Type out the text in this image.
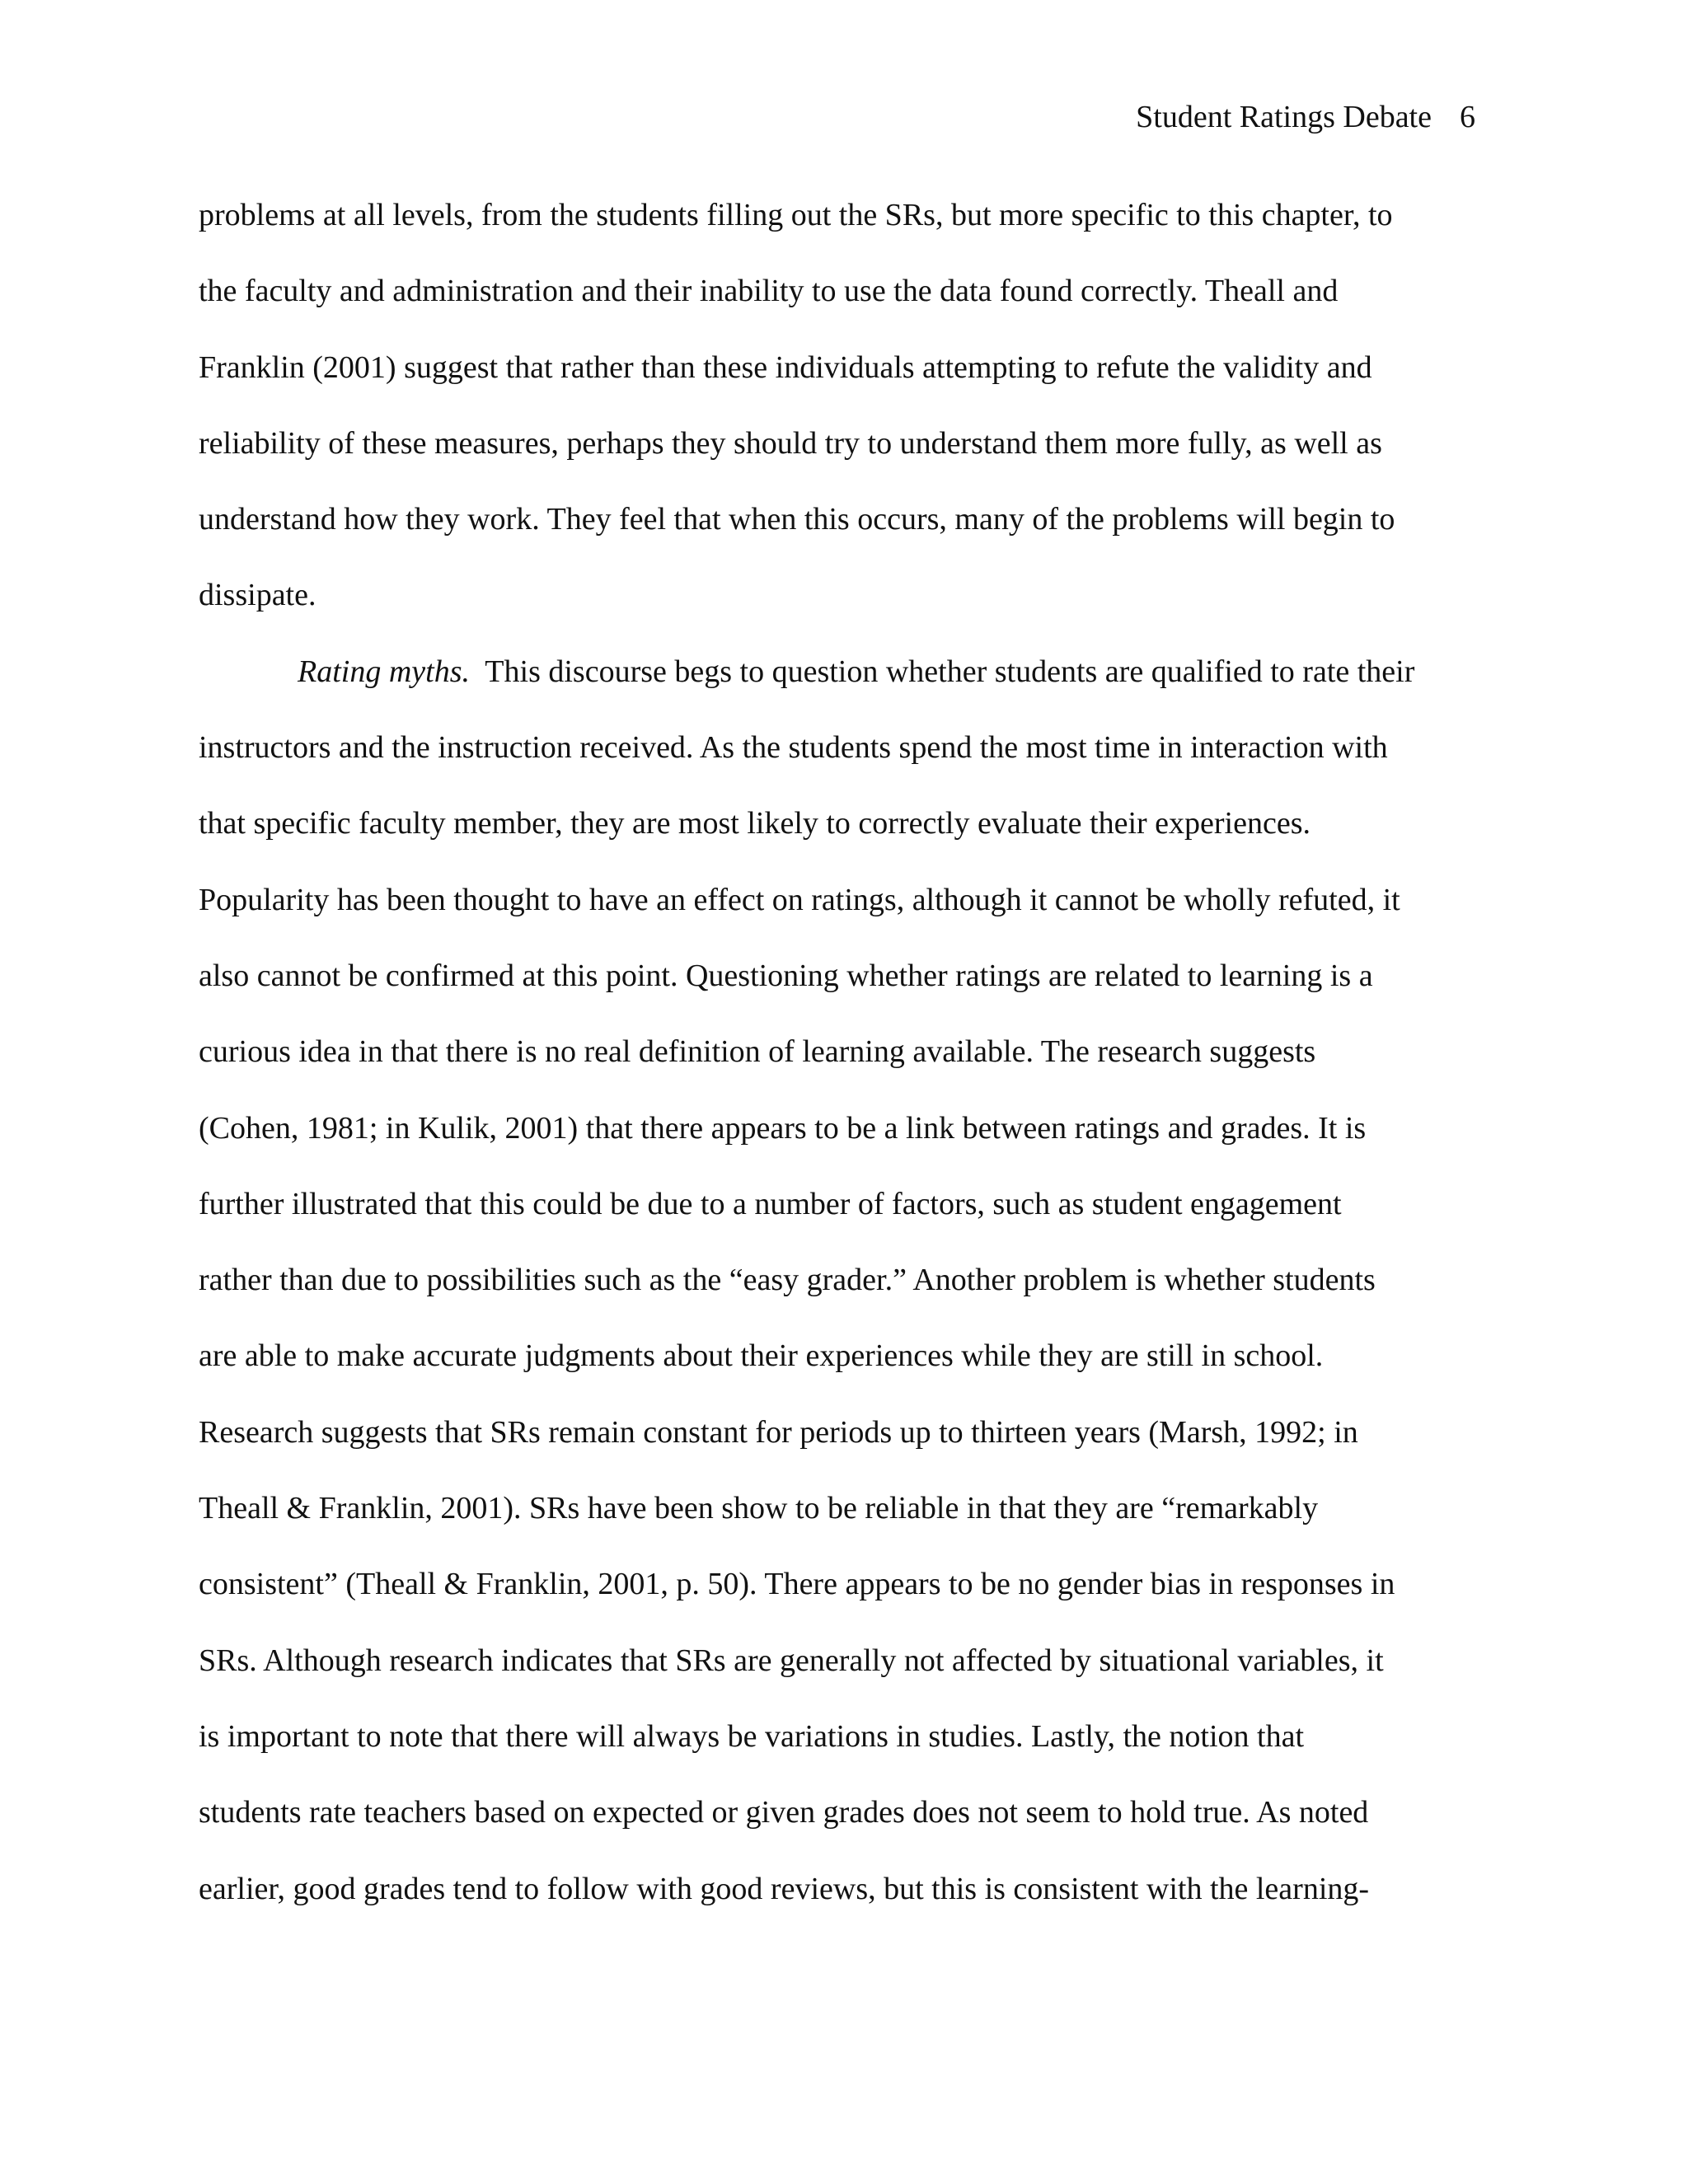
Student Ratings Debate 6
problems at all levels, from the students filling out the SRs, but more specific to this chapter, to
the faculty and administration and their inability to use the data found correctly. Theall and
Franklin (2001) suggest that rather than these individuals attempting to refute the validity and
reliability of these measures, perhaps they should try to understand them more fully, as well as
understand how they work. They feel that when this occurs, many of the problems will begin to
dissipate.
Rating myths.  This discourse begs to question whether students are qualified to rate their
instructors and the instruction received. As the students spend the most time in interaction with
that specific faculty member, they are most likely to correctly evaluate their experiences.
Popularity has been thought to have an effect on ratings, although it cannot be wholly refuted, it
also cannot be confirmed at this point. Questioning whether ratings are related to learning is a
curious idea in that there is no real definition of learning available. The research suggests
(Cohen, 1981; in Kulik, 2001) that there appears to be a link between ratings and grades. It is
further illustrated that this could be due to a number of factors, such as student engagement
rather than due to possibilities such as the “easy grader.” Another problem is whether students
are able to make accurate judgments about their experiences while they are still in school.
Research suggests that SRs remain constant for periods up to thirteen years (Marsh, 1992; in
Theall & Franklin, 2001). SRs have been show to be reliable in that they are “remarkably
consistent” (Theall & Franklin, 2001, p. 50). There appears to be no gender bias in responses in
SRs. Although research indicates that SRs are generally not affected by situational variables, it
is important to note that there will always be variations in studies. Lastly, the notion that
students rate teachers based on expected or given grades does not seem to hold true. As noted
earlier, good grades tend to follow with good reviews, but this is consistent with the learning-
